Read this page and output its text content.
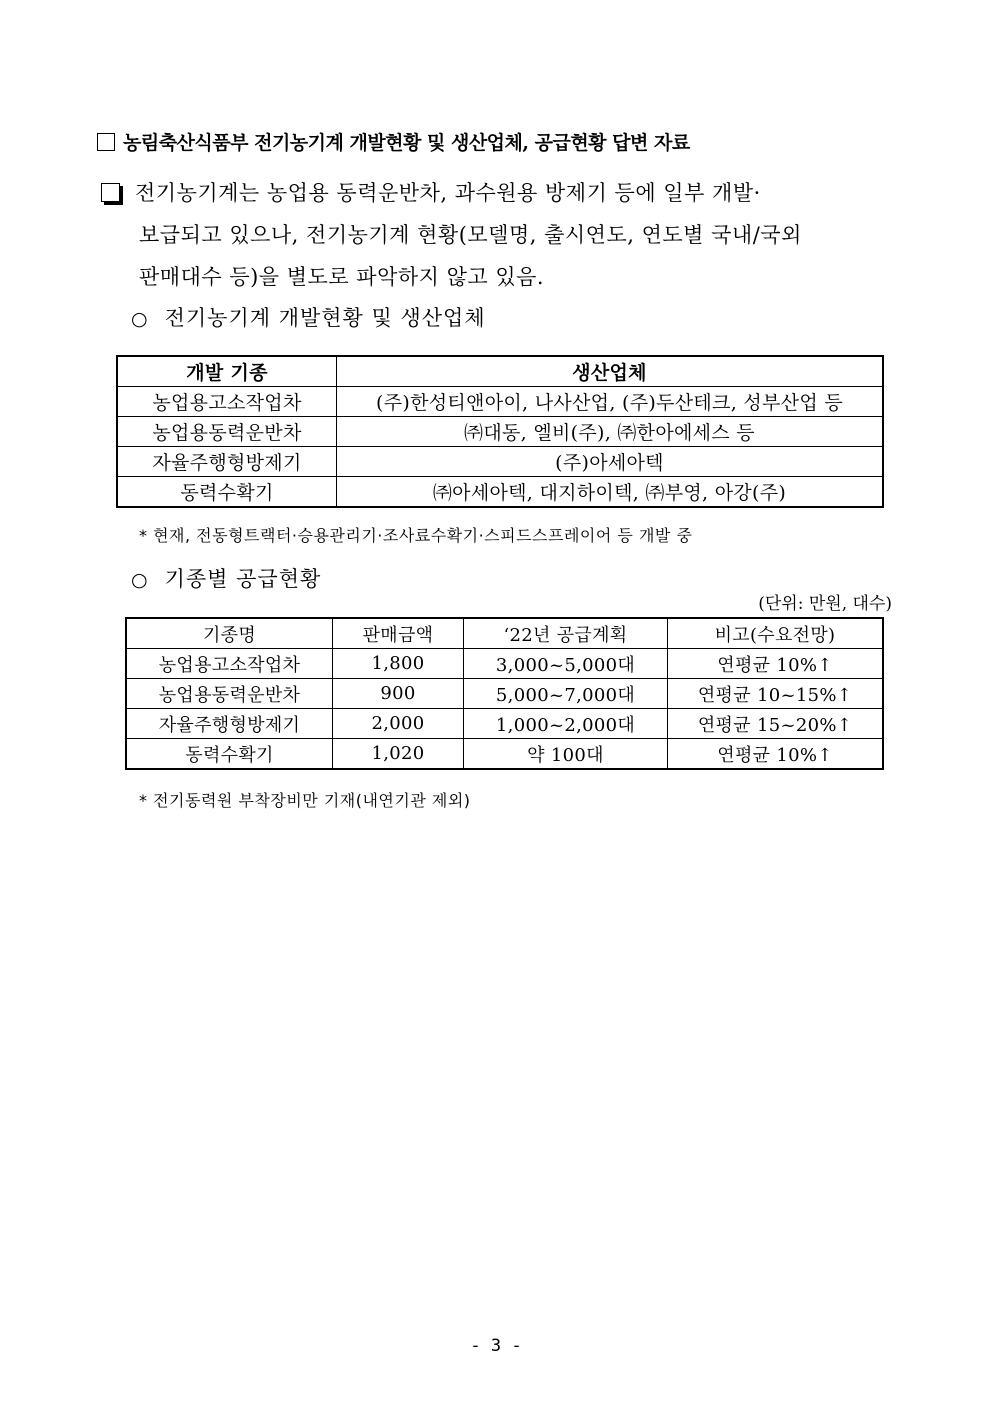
농림축산식품부 전기농기계 개발현황 및 생산업체, 공급현황 답변 자료
전기농기계는 농업용 동력운반차, 과수원용 방제기 등에 일부 개발·
보급되고 있으나, 전기농기계 현황(모델명, 출시연도, 연도별 국내/국외
판매대수 등)을 별도로 파악하지 않고 있음.
○ 전기농기계 개발현황 및 생산업체
개발 기종	생산업체
농업용고소작업차	(주)한성티앤아이, 나사산업, (주)두산테크, 성부산업 등
농업용동력운반차	㈜대동, 엘비(주), ㈜한아에세스 등
자율주행형방제기	(주)아세아텍
동력수확기	㈜아세아텍, 대지하이텍, ㈜부영, 아강(주)
* 현재, 전동형트랙터·승용관리기·조사료수확기·스피드스프레이어 등 개발 중
○ 기종별 공급현황
(단위: 만원, 대수)
기종명	판매금액	‘22년 공급계획	비고(수요전망)
농업용고소작업차	1,800	3,000~5,000대	연평균 10%↑
농업용동력운반차	900	5,000~7,000대	연평균 10~15%↑
자율주행형방제기	2,000	1,000~2,000대	연평균 15~20%↑
동력수확기	1,020	약 100대	연평균 10%↑
* 전기동력원 부착장비만 기재(내연기관 제외)
- 3 -
